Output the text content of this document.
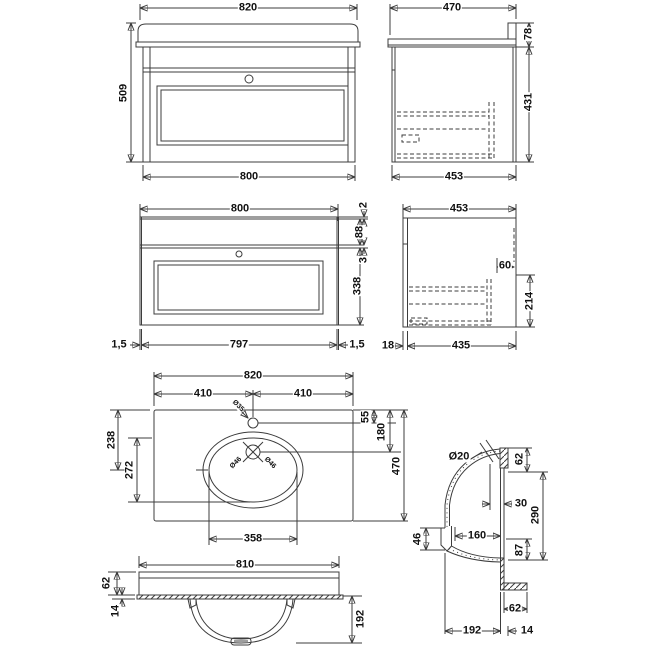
820
509
800
470
78
431
453
800	2
88
3
338
1,5	797	1,5
453
60
214
18	435
820
410	410
Ø35
Ø46	Ø46
55
180
470
238
272
358
810
62
14	192
Ø20	62
290
30
160
87
46
62
192	14
